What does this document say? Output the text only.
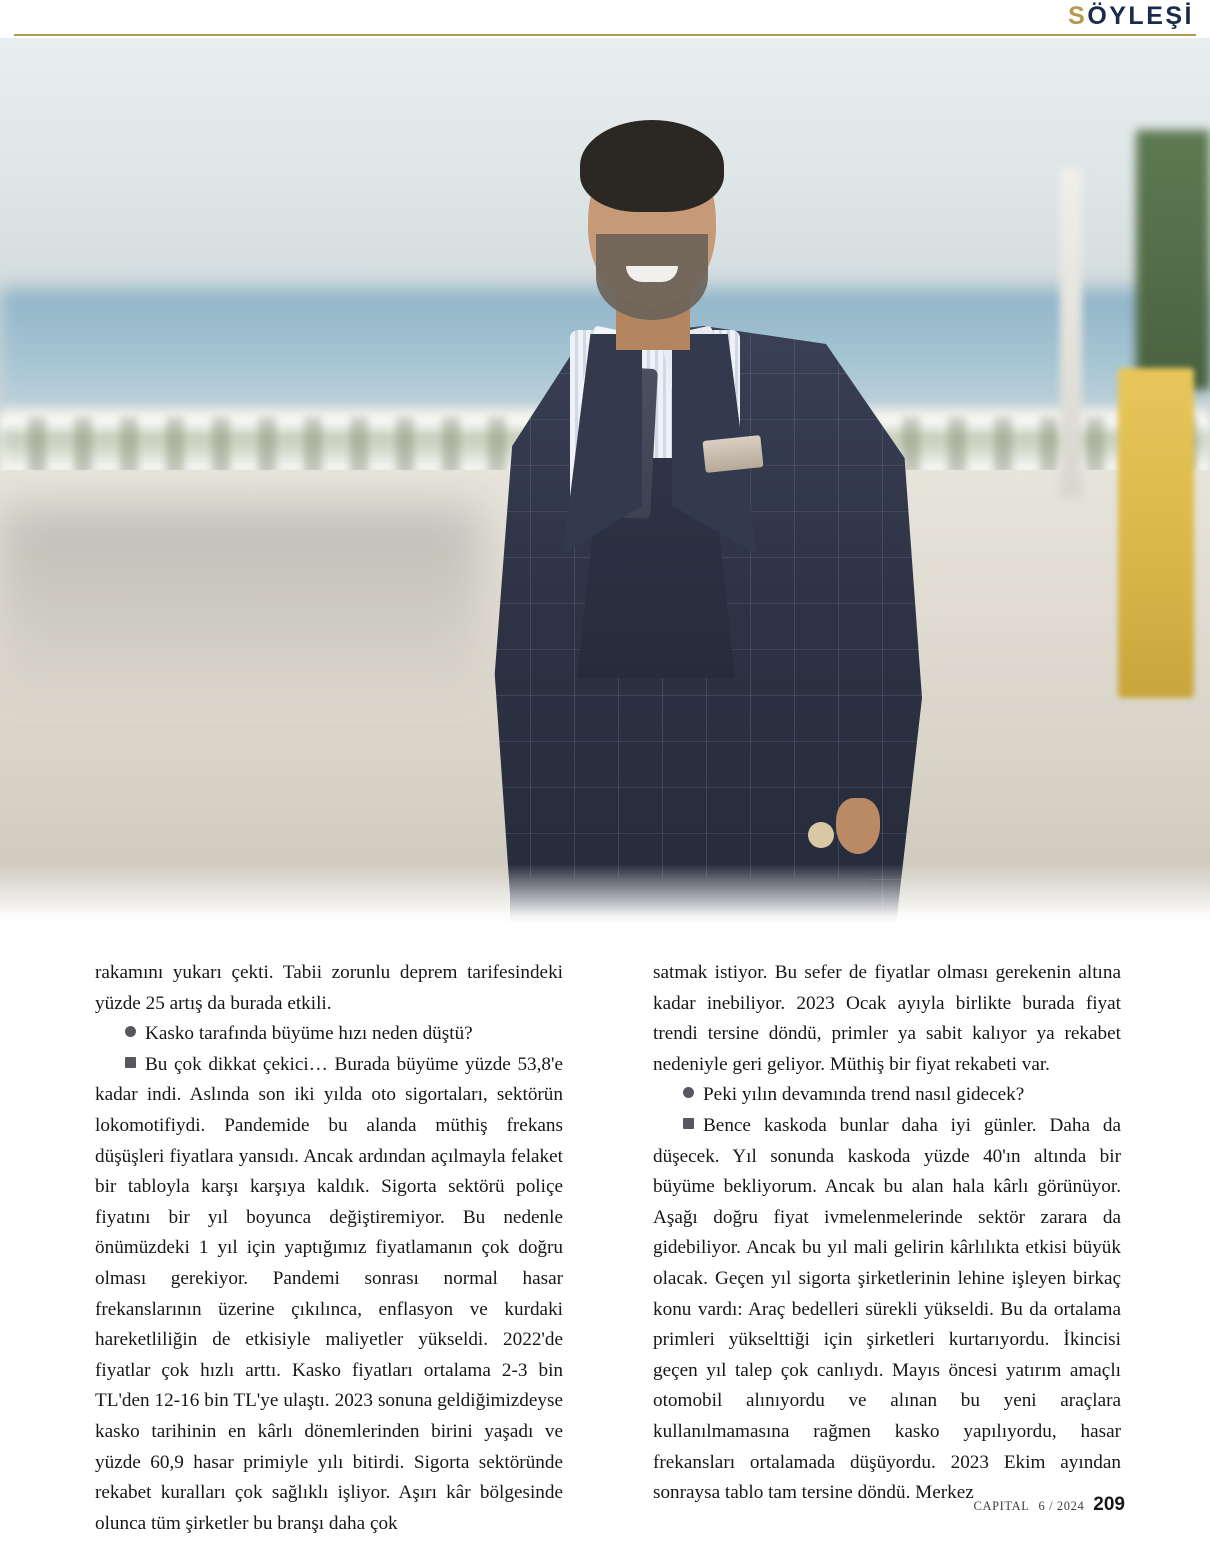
SÖYLEŞİ

rakamını yukarı çekti. Tabii zorunlu deprem tarifesindeki yüzde 25 artış da burada etkili.

Kasko tarafında büyüme hızı neden düştü?

Bu çok dikkat çekici… Burada büyüme yüzde 53,8'e kadar indi. Aslında son iki yılda oto sigortaları, sektörün lokomotifiydi. Pandemide bu alanda müthiş frekans düşüşleri fiyatlara yansıdı. Ancak ardından açılmayla felaket bir tabloyla karşı karşıya kaldık. Sigorta sektörü poliçe fiyatını bir yıl boyunca değiştiremiyor. Bu nedenle önümüzdeki 1 yıl için yaptığımız fiyatlamanın çok doğru olması gerekiyor. Pandemi sonrası normal hasar frekanslarının üzerine çıkılınca, enflasyon ve kurdaki hareketliliğin de etkisiyle maliyetler yükseldi. 2022'de fiyatlar çok hızlı arttı. Kasko fiyatları ortalama 2-3 bin TL'den 12-16 bin TL'ye ulaştı. 2023 sonuna geldiğimizdeyse kasko tarihinin en kârlı dönemlerinden birini yaşadı ve yüzde 60,9 hasar primiyle yılı bitirdi. Sigorta sektöründe rekabet kuralları çok sağlıklı işliyor. Aşırı kâr bölgesinde olunca tüm şirketler bu branşı daha çok

satmak istiyor. Bu sefer de fiyatlar olması gerekenin altına kadar inebiliyor. 2023 Ocak ayıyla birlikte burada fiyat trendi tersine döndü, primler ya sabit kalıyor ya rekabet nedeniyle geri geliyor. Müthiş bir fiyat rekabeti var.

Peki yılın devamında trend nasıl gidecek?

Bence kaskoda bunlar daha iyi günler. Daha da düşecek. Yıl sonunda kaskoda yüzde 40'ın altında bir büyüme bekliyorum. Ancak bu alan hala kârlı görünüyor. Aşağı doğru fiyat ivmelenmelerinde sektör zarara da gidebiliyor. Ancak bu yıl mali gelirin kârlılıkta etkisi büyük olacak. Geçen yıl sigorta şirketlerinin lehine işleyen birkaç konu vardı: Araç bedelleri sürekli yükseldi. Bu da ortalama primleri yükselttiği için şirketleri kurtarıyordu. İkincisi geçen yıl talep çok canlıydı. Mayıs öncesi yatırım amaçlı otomobil alınıyordu ve alınan bu yeni araçlara kullanılmamasına rağmen kasko yapılıyordu, hasar frekansları ortalamada düşüyordu. 2023 Ekim ayından sonraysa tablo tam tersine döndü. Merkez

CAPITAL 6 / 2024 209
